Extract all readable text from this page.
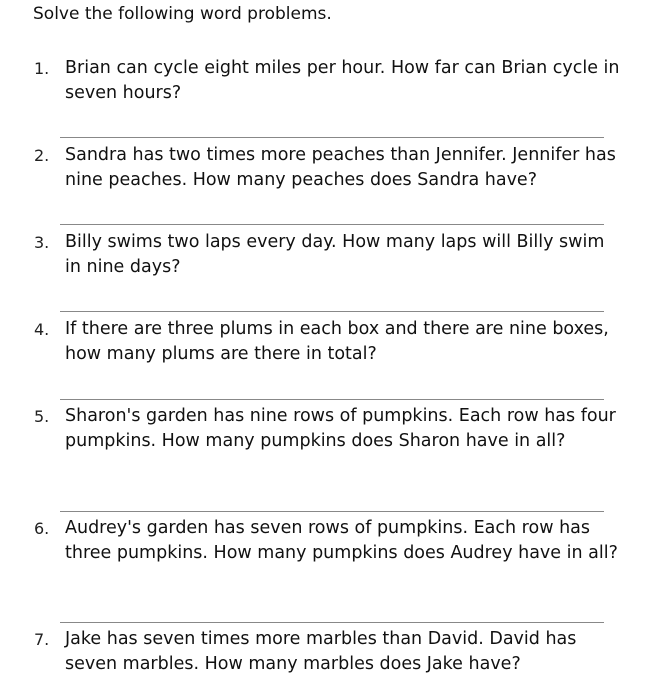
Solve the following word problems.
1. Brian can cycle eight miles per hour. How far can Brian cycle in seven hours?
2. Sandra has two times more peaches than Jennifer. Jennifer has nine peaches. How many peaches does Sandra have?
3. Billy swims two laps every day. How many laps will Billy swim in nine days?
4. If there are three plums in each box and there are nine boxes, how many plums are there in total?
5. Sharon's garden has nine rows of pumpkins. Each row has four pumpkins. How many pumpkins does Sharon have in all?
6. Audrey's garden has seven rows of pumpkins. Each row has three pumpkins. How many pumpkins does Audrey have in all?
7. Jake has seven times more marbles than David. David has seven marbles. How many marbles does Jake have?
